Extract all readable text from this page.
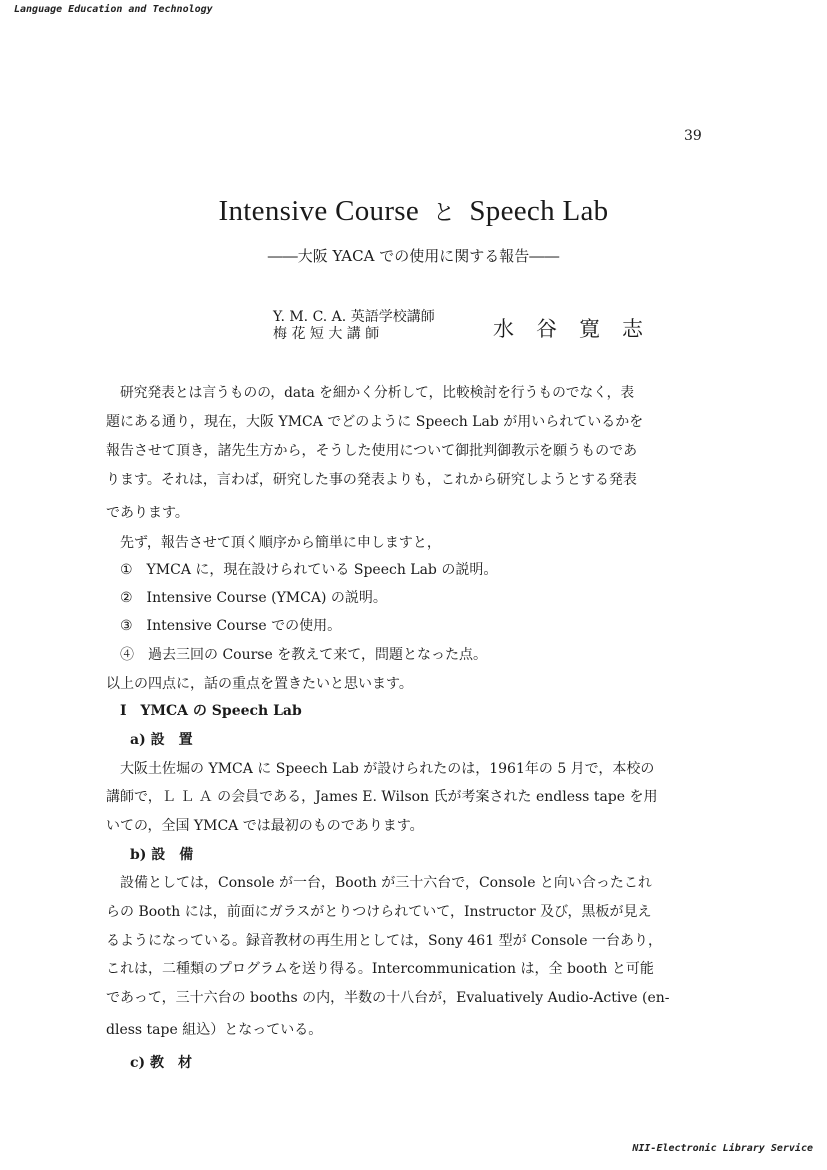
Language Education and Technology
39
Intensive Course と Speech Lab
――大阪 YACA での使用に関する報告――
Y. M. C. A. 英語学校講師
梅 花 短 大 講 師	水谷寛志
研究発表とは言うものの，data を細かく分析して，比較検討を行うものでなく，表
題にある通り，現在，大阪 YMCA でどのように Speech Lab が用いられているかを
報告させて頂き，諸先生方から，そうした使用について御批判御教示を願うものであ
ります。それは，言わば，研究した事の発表よりも，これから研究しようとする発表
であります。
先ず，報告させて頂く順序から簡単に申しますと，
①　YMCA に，現在設けられている Speech Lab の説明。
②　Intensive Course (YMCA) の説明。
③　Intensive Course での使用。
④　過去三回の Course を教えて来て，問題となった点。
以上の四点に，話の重点を置きたいと思います。
Ⅰ　YMCA の Speech Lab
a) 設　置
大阪土佐堀の YMCA に Speech Lab が設けられたのは，1961年の 5 月で，本校の
講師で，Ｌ Ｌ Ａ の会員である，James E. Wilson 氏が考案された endless tape を用
いての，全国 YMCA では最初のものであります。
b) 設　備
設備としては，Console が一台，Booth が三十六台で，Console と向い合ったこれ
らの Booth には，前面にガラスがとりつけられていて，Instructor 及び，黒板が見え
るようになっている。録音教材の再生用としては，Sony 461 型が Console 一台あり，
これは，二種類のプログラムを送り得る。Intercommunication は，全 booth と可能
であって，三十六台の booths の内，半数の十八台が，Evaluatively Audio-Active (en-
dless tape 組込）となっている。
c) 教　材
NII-Electronic Library Service
